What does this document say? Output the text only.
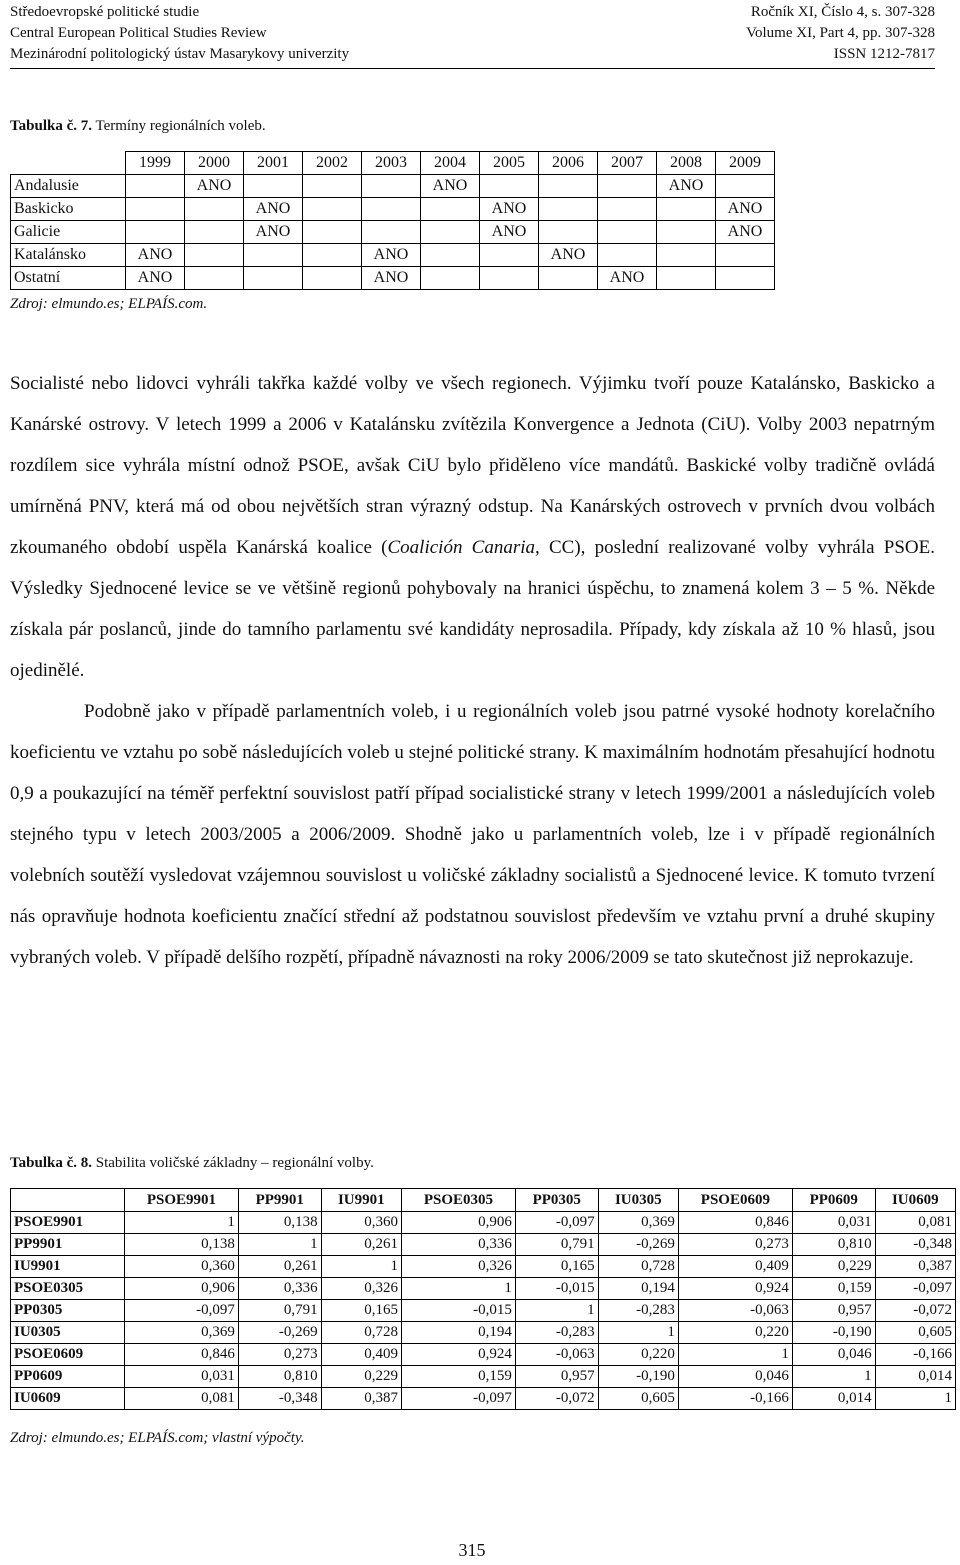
Středoevropské politické studie	Ročník XI, Číslo 4, s. 307-328
Central European Political Studies Review	Volume XI, Part 4, pp. 307-328
Mezinárodní politologický ústav Masarykovy univerzity	ISSN 1212-7817
Tabulka č. 7. Termíny regionálních voleb.
	1999	2000	2001	2002	2003	2004	2005	2006	2007	2008	2009
Andalusie		ANO				ANO				ANO	
Baskicko			ANO				ANO				ANO
Galicie			ANO				ANO				ANO
Katalánsko	ANO				ANO			ANO			
Ostatní	ANO				ANO				ANO		
Zdroj: elmundo.es; ELPAÍS.com.

Socialisté nebo lidovci vyhráli takřka každé volby ve všech regionech. Výjimku tvoří pouze Katalánsko, Baskicko a Kanárské ostrovy. V letech 1999 a 2006 v Katalánsku zvítězila Konvergence a Jednota (CiU). Volby 2003 nepatrným rozdílem sice vyhrála místní odnož PSOE, avšak CiU bylo přiděleno více mandátů. Baskické volby tradičně ovládá umírněná PNV, která má od obou největších stran výrazný odstup. Na Kanárských ostrovech v prvních dvou volbách zkoumaného období uspěla Kanárská koalice (Coalición Canaria, CC), poslední realizované volby vyhrála PSOE. Výsledky Sjednocené levice se ve většině regionů pohybovaly na hranici úspěchu, to znamená kolem 3 – 5 %. Někde získala pár poslanců, jinde do tamního parlamentu své kandidáty neprosadila. Případy, kdy získala až 10 % hlasů, jsou ojedinělé.

Podobně jako v případě parlamentních voleb, i u regionálních voleb jsou patrné vysoké hodnoty korelačního koeficientu ve vztahu po sobě následujících voleb u stejné politické strany. K maximálním hodnotám přesahující hodnotu 0,9 a poukazující na téměř perfektní souvislost patří případ socialistické strany v letech 1999/2001 a následujících voleb stejného typu v letech 2003/2005 a 2006/2009. Shodně jako u parlamentních voleb, lze i v případě regionálních volebních soutěží vysledovat vzájemnou souvislost u voličské základny socialistů a Sjednocené levice. K tomuto tvrzení nás opravňuje hodnota koeficientu značící střední až podstatnou souvislost především ve vztahu první a druhé skupiny vybraných voleb. V případě delšího rozpětí, případně návaznosti na roky 2006/2009 se tato skutečnost již neprokazuje.

Tabulka č. 8. Stabilita voličské základny – regionální volby.
	PSOE9901	PP9901	IU9901	PSOE0305	PP0305	IU0305	PSOE0609	PP0609	IU0609
PSOE9901	1	0,138	0,360	0,906	-0,097	0,369	0,846	0,031	0,081
PP9901	0,138	1	0,261	0,336	0,791	-0,269	0,273	0,810	-0,348
IU9901	0,360	0,261	1	0,326	0,165	0,728	0,409	0,229	0,387
PSOE0305	0,906	0,336	0,326	1	-0,015	0,194	0,924	0,159	-0,097
PP0305	-0,097	0,791	0,165	-0,015	1	-0,283	-0,063	0,957	-0,072
IU0305	0,369	-0,269	0,728	0,194	-0,283	1	0,220	-0,190	0,605
PSOE0609	0,846	0,273	0,409	0,924	-0,063	0,220	1	0,046	-0,166
PP0609	0,031	0,810	0,229	0,159	0,957	-0,190	0,046	1	0,014
IU0609	0,081	-0,348	0,387	-0,097	-0,072	0,605	-0,166	0,014	1
Zdroj: elmundo.es; ELPAÍS.com; vlastní výpočty.
315
